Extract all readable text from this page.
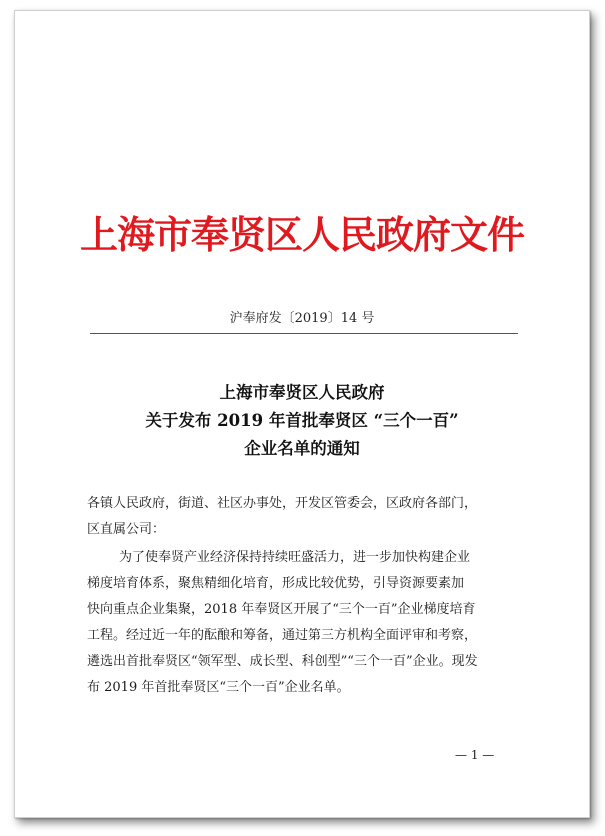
上海市奉贤区人民政府文件
沪奉府发〔2019〕14 号
上海市奉贤区人民政府
关于发布 2019 年首批奉贤区 “三个一百”
企业名单的通知
各镇人民政府，街道、社区办事处，开发区管委会，区政府各部门，
区直属公司：
为了使奉贤产业经济保持持续旺盛活力，进一步加快构建企业
梯度培育体系，聚焦精细化培育，形成比较优势，引导资源要素加
快向重点企业集聚，2018 年奉贤区开展了“三个一百”企业梯度培育
工程。经过近一年的酝酿和筹备，通过第三方机构全面评审和考察，
遴选出首批奉贤区“领军型、成长型、科创型”“三个一百”企业。现发
布 2019 年首批奉贤区“三个一百”企业名单。
— 1 —
